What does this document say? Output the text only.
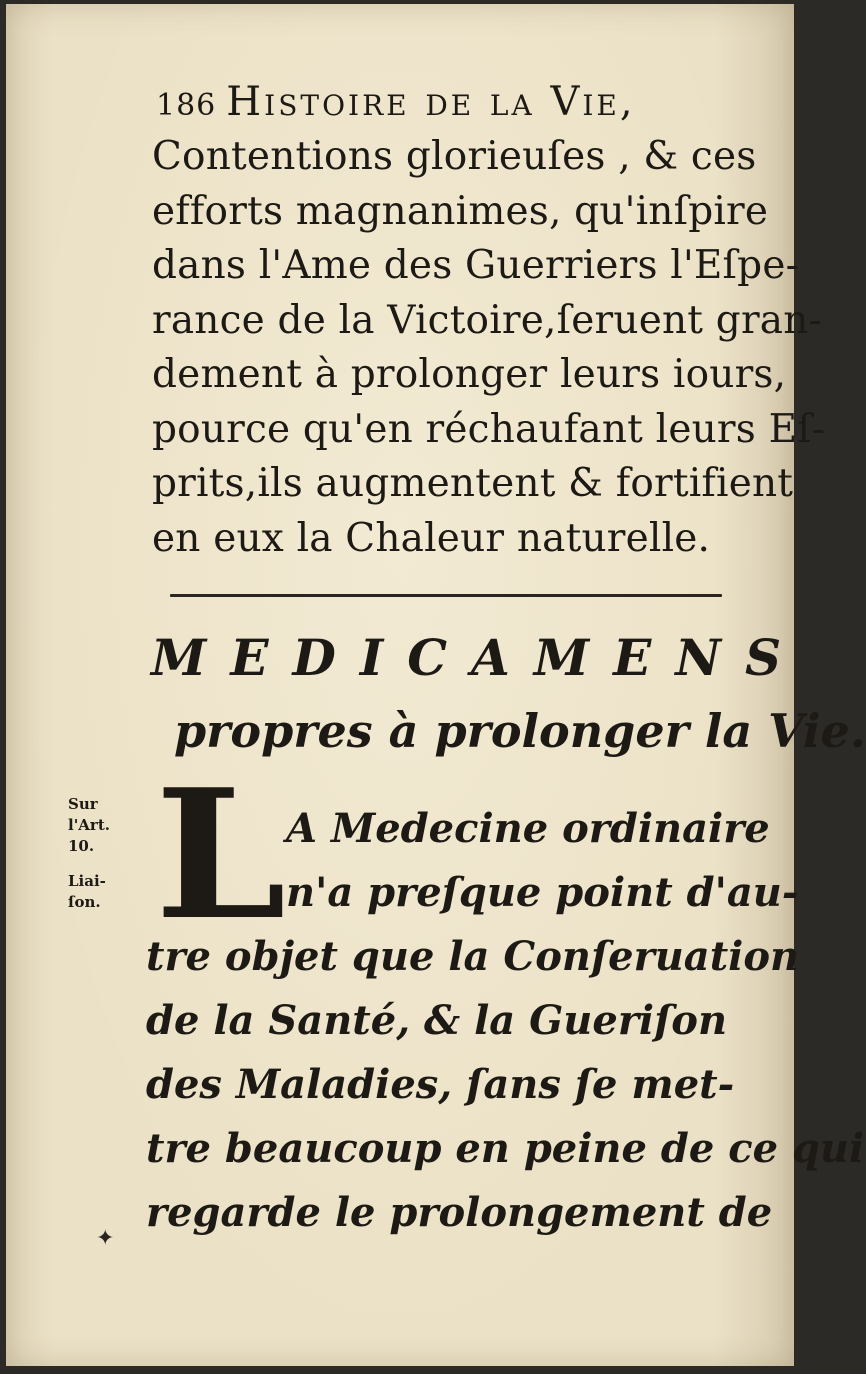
186 Histoire de la Vie,
Contentions glorieuſes , & ces
efforts magnanimes, qu'inſpire
dans l'Ame des Guerriers l'Eſpe-
rance de la Victoire,ſeruent gran-
dement à prolonger leurs iours,
pource qu'en réchaufant leurs Eſ-
prits,ils augmentent & fortifient
en eux la Chaleur naturelle.
MEDICAMENS
propres à prolonger la Vie.
Sur
l'Art.
10.
Liai-
ſon. L A Medecine ordinaire
n'a preſque point d'au-
tre objet que la Conſeruation
de la Santé, & la Gueriſon
des Maladies, ſans ſe met-
tre beaucoup en peine de ce qui
regarde le prolongement de
✦
